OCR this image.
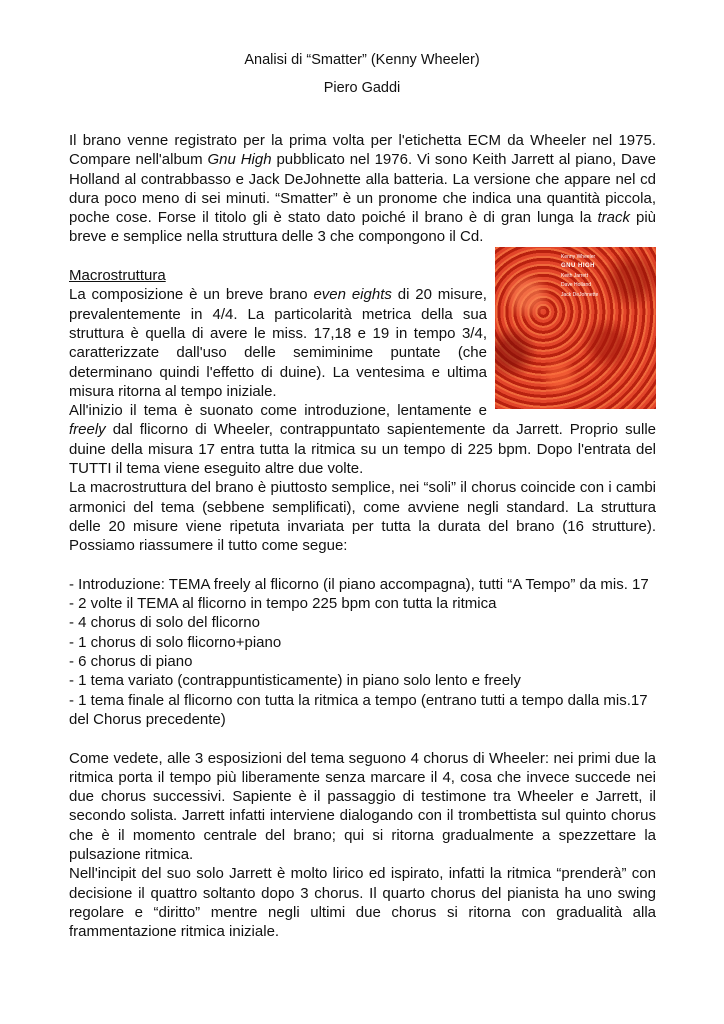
Analisi di “Smatter” (Kenny Wheeler)

Piero Gaddi

Il brano venne registrato per la prima volta per l'etichetta ECM da Wheeler nel 1975. Compare nell'album Gnu High pubblicato nel 1976. Vi sono Keith Jarrett al piano, Dave Holland al contrabbasso e Jack DeJohnette alla batteria. La versione che appare nel cd dura poco meno di sei minuti. “Smatter” è un pronome che indica una quantità piccola, poche cose. Forse il titolo gli è stato dato poiché il brano è di gran lunga la track più breve e semplice nella struttura delle 3 che compongono il Cd.

Kenny Wheeler
GNU HIGH
Keith Jarrett
Dave Holland
Jack DeJohnette

Macrostruttura

La composizione è un breve brano even eights di 20 misure, prevalentemente in 4/4. La particolarità metrica della sua struttura è quella di avere le miss. 17,18 e 19 in tempo 3/4, caratterizzate dall'uso delle semiminime puntate (che determinano quindi l'effetto di duine). La ventesima e ultima misura ritorna al tempo iniziale.

All'inizio il tema è suonato come introduzione, lentamente e freely dal flicorno di Wheeler, contrappuntato sapientemente da Jarrett. Proprio sulle duine della misura 17 entra tutta la ritmica su un tempo di 225 bpm. Dopo l'entrata del TUTTI il tema viene eseguito altre due volte.

La macrostruttura del brano è piuttosto semplice, nei “soli” il chorus coincide con i cambi armonici del tema (sebbene semplificati), come avviene negli standard. La struttura delle 20 misure viene ripetuta invariata per tutta la durata del brano (16 strutture). Possiamo riassumere il tutto come segue:

- Introduzione: TEMA freely al flicorno (il piano accompagna), tutti “A Tempo” da mis. 17

- 2 volte il TEMA al flicorno in tempo 225 bpm con tutta la ritmica

- 4 chorus di solo del flicorno

- 1 chorus di solo flicorno+piano

- 6 chorus di piano

- 1 tema variato (contrappuntisticamente) in piano solo lento e freely

- 1 tema finale al flicorno con tutta la ritmica a tempo (entrano tutti a tempo dalla mis.17 del Chorus precedente)

Come vedete, alle 3 esposizioni del tema seguono 4 chorus di Wheeler: nei primi due la ritmica porta il tempo più liberamente senza marcare il 4, cosa che invece succede nei due chorus successivi. Sapiente è il passaggio di testimone tra Wheeler e Jarrett, il secondo solista. Jarrett infatti interviene dialogando con il trombettista sul quinto chorus che è il momento centrale del brano; qui si ritorna gradualmente a spezzettare la pulsazione ritmica.

Nell'incipit del suo solo Jarrett è molto lirico ed ispirato, infatti la ritmica “prenderà” con decisione il quattro soltanto dopo 3 chorus. Il quarto chorus del pianista ha uno swing regolare e “diritto” mentre negli ultimi due chorus si ritorna con gradualità alla frammentazione ritmica iniziale.
